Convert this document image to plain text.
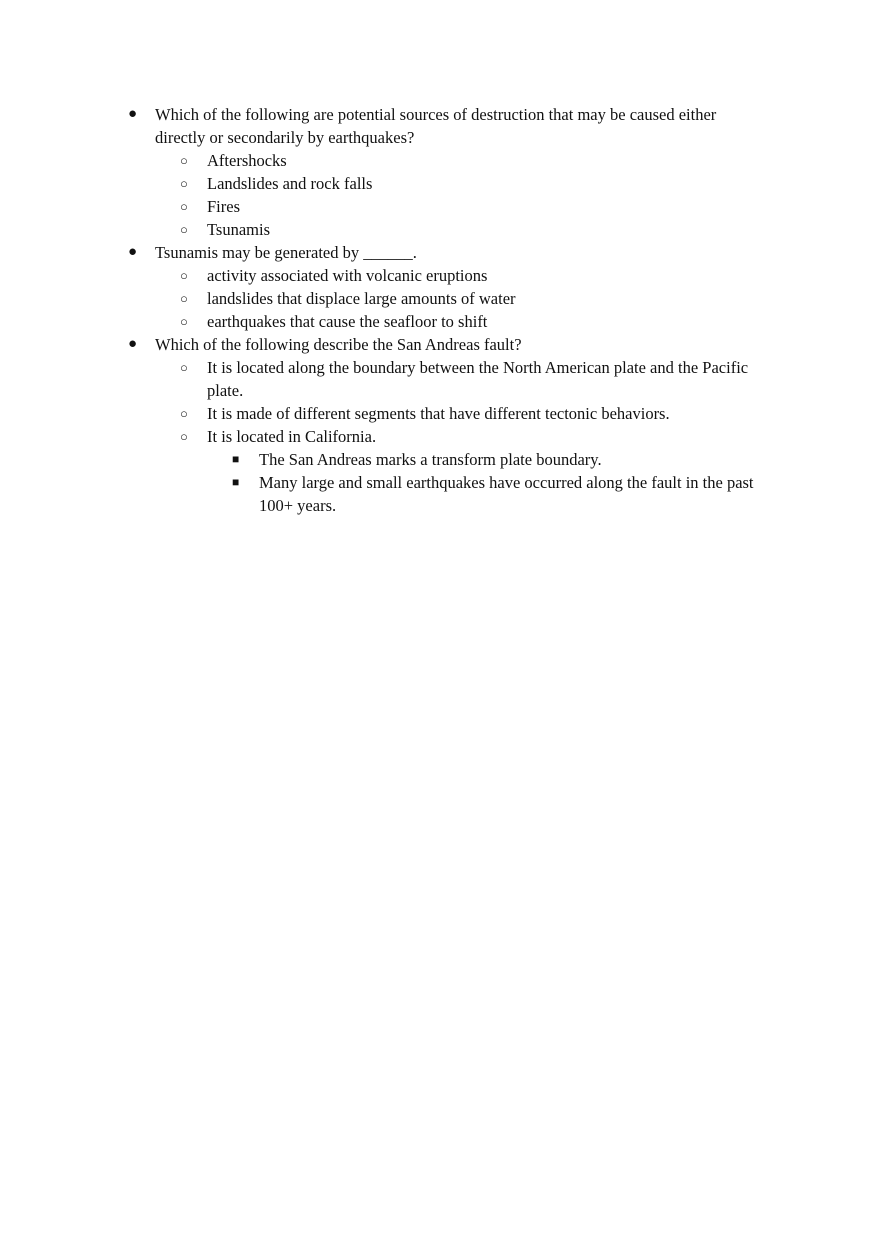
● Which of the following are potential sources of destruction that may be caused either directly or secondarily by earthquakes?
○ Aftershocks
○ Landslides and rock falls
○ Fires
○ Tsunamis
● Tsunamis may be generated by ______.
○ activity associated with volcanic eruptions
○ landslides that displace large amounts of water
○ earthquakes that cause the seafloor to shift
● Which of the following describe the San Andreas fault?
○ It is located along the boundary between the North American plate and the Pacific plate.
○ It is made of different segments that have different tectonic behaviors.
○ It is located in California.
■ The San Andreas marks a transform plate boundary.
■ Many large and small earthquakes have occurred along the fault in the past 100+ years.
